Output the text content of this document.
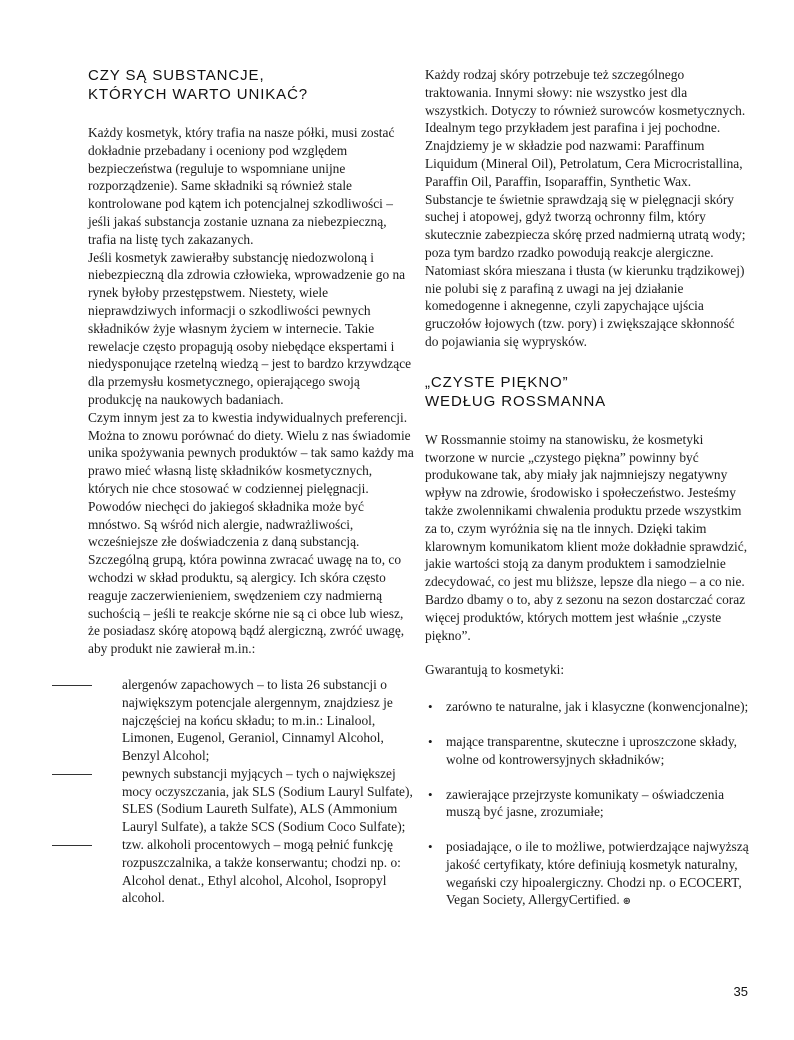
CZY SĄ SUBSTANCJE,
KTÓRYCH WARTO UNIKAĆ?

Każdy kosmetyk, który trafia na nasze półki, musi zostać dokładnie przebadany i oceniony pod względem bezpieczeństwa (reguluje to wspomniane unijne rozporządzenie). Same składniki są również stale kontrolowane pod kątem ich potencjalnej szkodliwości – jeśli jakaś substancja zostanie uznana za niebezpieczną, trafia na listę tych zakazanych.

Jeśli kosmetyk zawierałby substancję niedozwoloną i niebezpieczną dla zdrowia człowieka, wprowadzenie go na rynek byłoby przestępstwem. Niestety, wiele nieprawdziwych informacji o szkodliwości pewnych składników żyje własnym życiem w internecie. Takie rewelacje często propagują osoby niebędące ekspertami i niedysponujące rzetelną wiedzą – jest to bardzo krzywdzące dla przemysłu kosmetycznego, opierającego swoją produkcję na naukowych badaniach.

Czym innym jest za to kwestia indywidualnych preferencji. Można to znowu porównać do diety. Wielu z nas świadomie unika spożywania pewnych produktów – tak samo każdy ma prawo mieć własną listę składników kosmetycznych, których nie chce stosować w codziennej pielęgnacji. Powodów niechęci do jakiegoś składnika może być mnóstwo. Są wśród nich alergie, nadwrażliwości, wcześniejsze złe doświadczenia z daną substancją. Szczególną grupą, która powinna zwracać uwagę na to, co wchodzi w skład produktu, są alergicy. Ich skóra często reaguje zaczerwienieniem, swędzeniem czy nadmierną suchością – jeśli te reakcje skórne nie są ci obce lub wiesz, że posiadasz skórę atopową bądź alergiczną, zwróć uwagę, aby produkt nie zawierał m.in.:

alergenów zapachowych – to lista 26 substancji o największym potencjale alergennym, znajdziesz je najczęściej na końcu składu; to m.in.: Linalool, Limonen, Eugenol, Geraniol, Cinnamyl Alcohol, Benzyl Alcohol;
pewnych substancji myjących – tych o największej mocy oczyszczania, jak SLS (Sodium Lauryl Sulfate), SLES (Sodium Laureth Sulfate), ALS (Ammonium Lauryl Sulfate), a także SCS (Sodium Coco Sulfate);
tzw. alkoholi procentowych – mogą pełnić funkcję rozpuszczalnika, a także konserwantu; chodzi np. o: Alcohol denat., Ethyl alcohol, Alcohol, Isopropyl alcohol.

Każdy rodzaj skóry potrzebuje też szczególnego traktowania. Innymi słowy: nie wszystko jest dla wszystkich. Dotyczy to również surowców kosmetycznych. Idealnym tego przykładem jest parafina i jej pochodne. Znajdziemy je w składzie pod nazwami: Paraffinum Liquidum (Mineral Oil), Petrolatum, Cera Microcristallina, Paraffin Oil, Paraffin, Isoparaffin, Synthetic Wax. Substancje te świetnie sprawdzają się w pielęgnacji skóry suchej i atopowej, gdyż tworzą ochronny film, który skutecznie zabezpiecza skórę przed nadmierną utratą wody; poza tym bardzo rzadko powodują reakcje alergiczne. Natomiast skóra mieszana i tłusta (w kierunku trądzikowej) nie polubi się z parafiną z uwagi na jej działanie komedogenne i aknegenne, czyli zapychające ujścia gruczołów łojowych (tzw. pory) i zwiększające skłonność do pojawiania się wyprysków.

„CZYSTE PIĘKNO”
WEDŁUG ROSSMANNA

W Rossmannie stoimy na stanowisku, że kosmetyki tworzone w nurcie „czystego piękna” powinny być produkowane tak, aby miały jak najmniejszy negatywny wpływ na zdrowie, środowisko i społeczeństwo. Jesteśmy także zwolennikami chwalenia produktu przede wszystkim za to, czym wyróżnia się na tle innych. Dzięki takim klarownym komunikatom klient może dokładnie sprawdzić, jakie wartości stoją za danym produktem i samodzielnie zdecydować, co jest mu bliższe, lepsze dla niego – a co nie. Bardzo dbamy o to, aby z sezonu na sezon dostarczać coraz więcej produktów, których mottem jest właśnie „czyste piękno”.

Gwarantują to kosmetyki:

• zarówno te naturalne, jak i klasyczne (konwencjonalne);
• mające transparentne, skuteczne i uproszczone składy, wolne od kontrowersyjnych składników;
• zawierające przejrzyste komunikaty – oświadczenia muszą być jasne, zrozumiałe;
• posiadające, o ile to możliwe, potwierdzające najwyższą jakość certyfikaty, które definiują kosmetyk naturalny, wegański czy hipoalergiczny. Chodzi np. o ECOCERT, Vegan Society, AllergyCertified. ⊛
35
